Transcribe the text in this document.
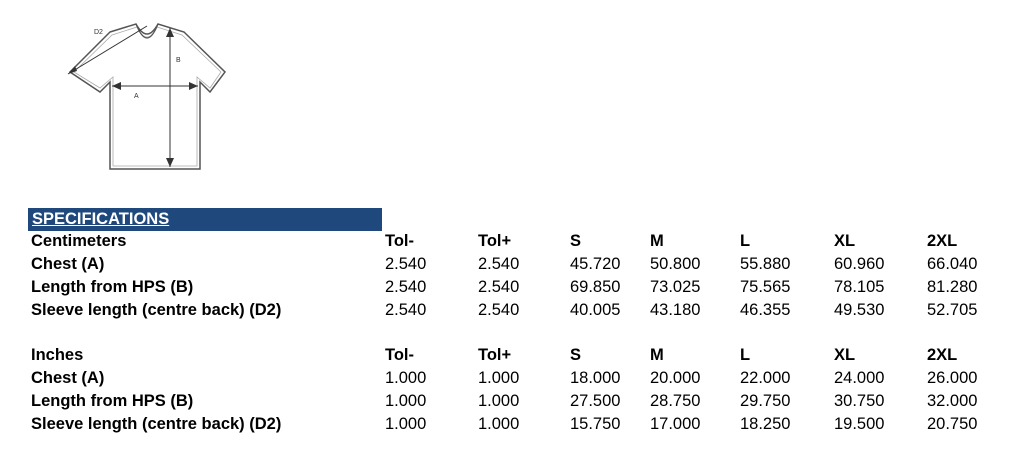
D2
B
A
SPECIFICATIONS
Centimeters	Tol-	Tol+	S	M	L	XL	2XL
Chest (A)	2.540	2.540	45.720 50.800 55.880	60.960	66.040
Length from HPS (B)	2.540	2.540	69.850 73.025 75.565	78.105	81.280
Sleeve length (centre back) (D2)	2.540	2.540	40.005 43.180 46.355	49.530	52.705
Inches	Tol-	Tol+	S	M	L	XL	2XL
Chest (A)	1.000	1.000	18.000 20.000 22.000	24.000	26.000
Length from HPS (B)	1.000	1.000	27.500 28.750 29.750	30.750	32.000
Sleeve length (centre back) (D2)	1.000	1.000	15.750 17.000 18.250	19.500	20.750
